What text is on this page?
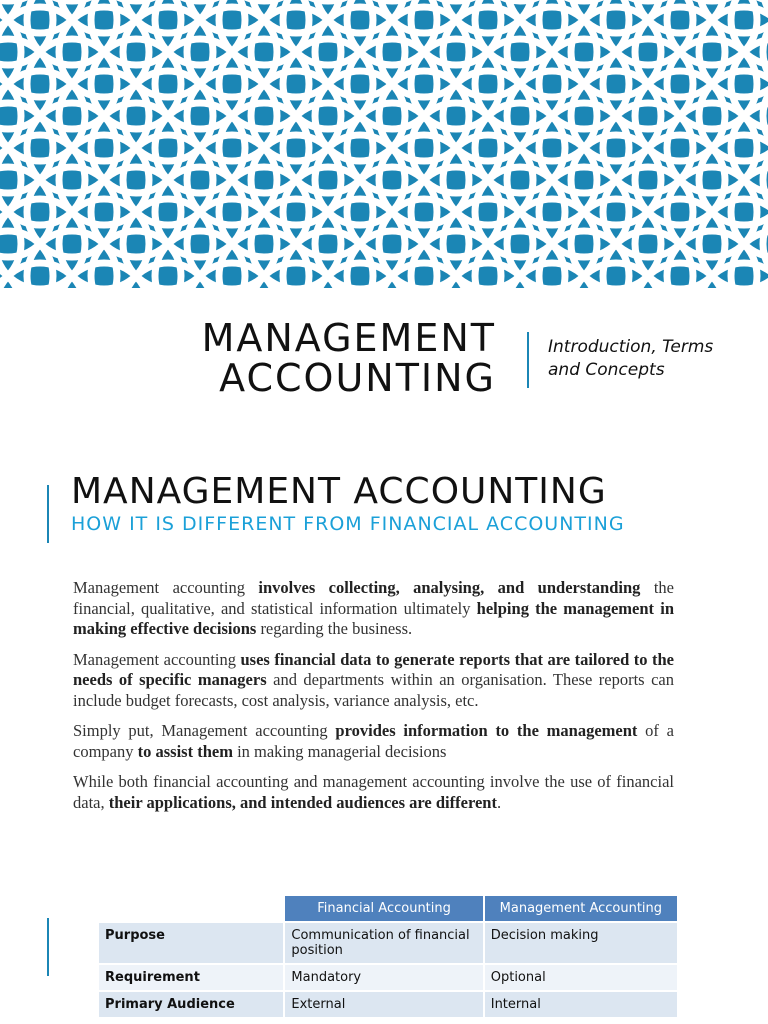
MANAGEMENT
ACCOUNTING
Introduction, Terms
and Concepts
MANAGEMENT ACCOUNTING
HOW IT IS DIFFERENT FROM FINANCIAL ACCOUNTING

Management accounting involves collecting, analysing, and understanding the financial, qualitative, and statistical information ultimately helping the management in making effective decisions regarding the business.

Management accounting uses financial data to generate reports that are tailored to the needs of specific managers and departments within an organisation. These reports can include budget forecasts, cost analysis, variance analysis, etc.

Simply put, Management accounting provides information to the management of a company to assist them in making managerial decisions

While both financial accounting and management accounting involve the use of financial data, their applications, and intended audiences are different.

	Financial Accounting	Management Accounting
Purpose	Communication of financial position	Decision making
Requirement	Mandatory	Optional
Primary Audience	External	Internal
